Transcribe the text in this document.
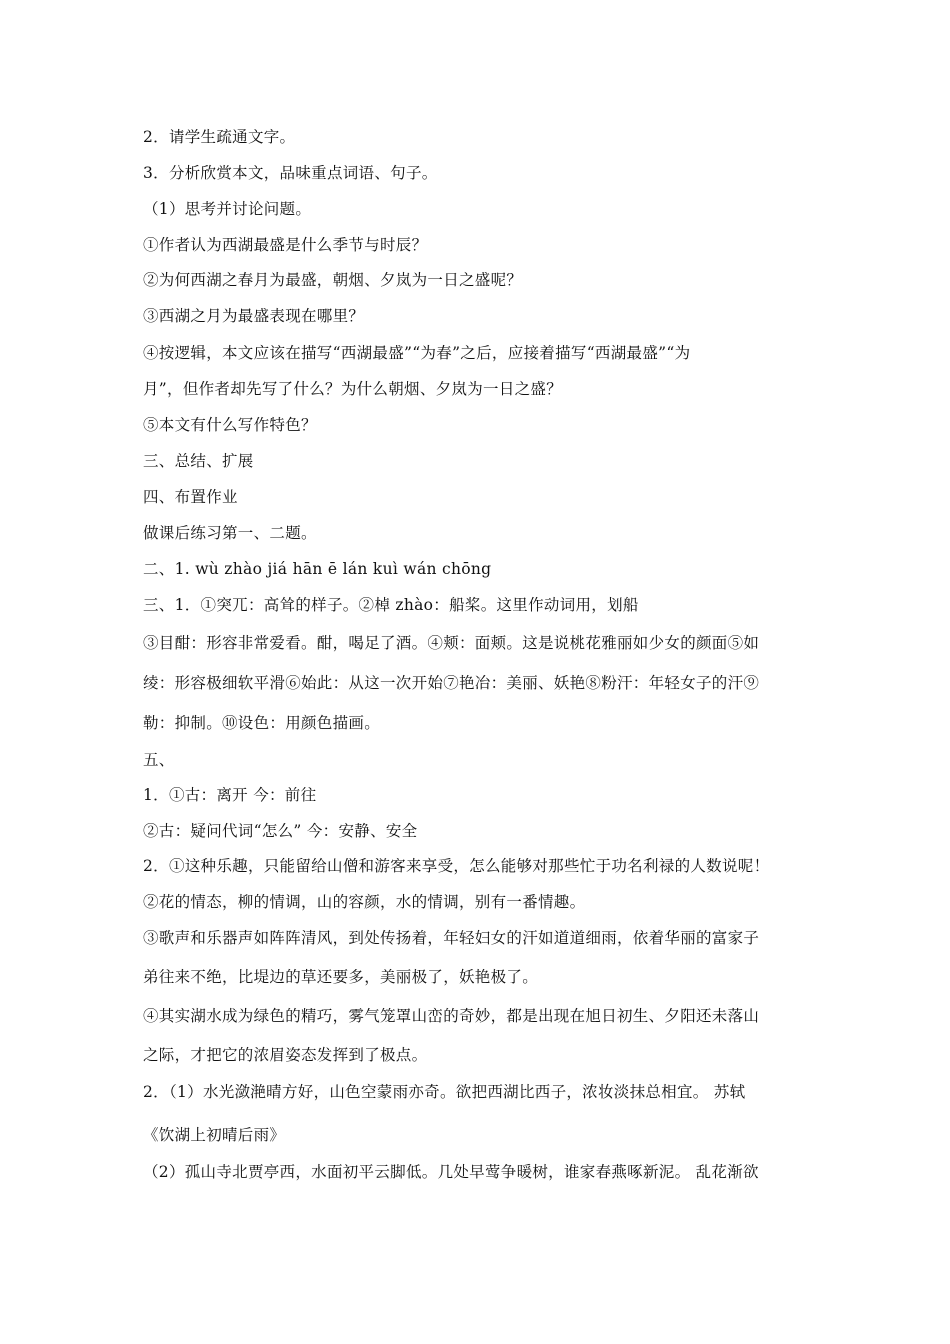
2．请学生疏通文字。
3．分析欣赏本文，品味重点词语、句子。
（1）思考并讨论问题。
①作者认为西湖最盛是什么季节与时辰？
②为何西湖之春月为最盛，朝烟、夕岚为一日之盛呢？
③西湖之月为最盛表现在哪里？
④按逻辑，本文应该在描写“西湖最盛”“为春”之后，应接着描写“西湖最盛”“为
月”，但作者却先写了什么？为什么朝烟、夕岚为一日之盛？
⑤本文有什么写作特色？
三、总结、扩展
四、布置作业
做课后练习第一、二题。
二、1. wù zhào jiá hān ē lán kuì wán chōng
三、1．①突兀：高耸的样子。②棹 zhào：船桨。这里作动词用，划船
③目酣：形容非常爱看。酣，喝足了酒。④颊：面颊。这是说桃花雅丽如少女的颜面⑤如
绫：形容极细软平滑⑥始此：从这一次开始⑦艳冶：美丽、妖艳⑧粉汗：年轻女子的汗⑨
勒：抑制。⑩设色：用颜色描画。
五、
1．①古：离开 今：前往
②古：疑问代词“怎么” 今：安静、安全
2．①这种乐趣，只能留给山僧和游客来享受，怎么能够对那些忙于功名利禄的人数说呢！
②花的情态，柳的情调，山的容颜，水的情调，别有一番情趣。
③歌声和乐器声如阵阵清风，到处传扬着，年轻妇女的汗如道道细雨，依着华丽的富家子
弟往来不绝，比堤边的草还要多，美丽极了，妖艳极了。
④其实湖水成为绿色的精巧，雾气笼罩山峦的奇妙，都是出现在旭日初生、夕阳还未落山
之际，才把它的浓眉姿态发挥到了极点。
2．（1）水光潋滟晴方好，山色空蒙雨亦奇。欲把西湖比西子，浓妆淡抹总相宜。 苏轼
《饮湖上初晴后雨》
（2）孤山寺北贾亭西，水面初平云脚低。几处早莺争暖树，谁家春燕啄新泥。 乱花渐欲
